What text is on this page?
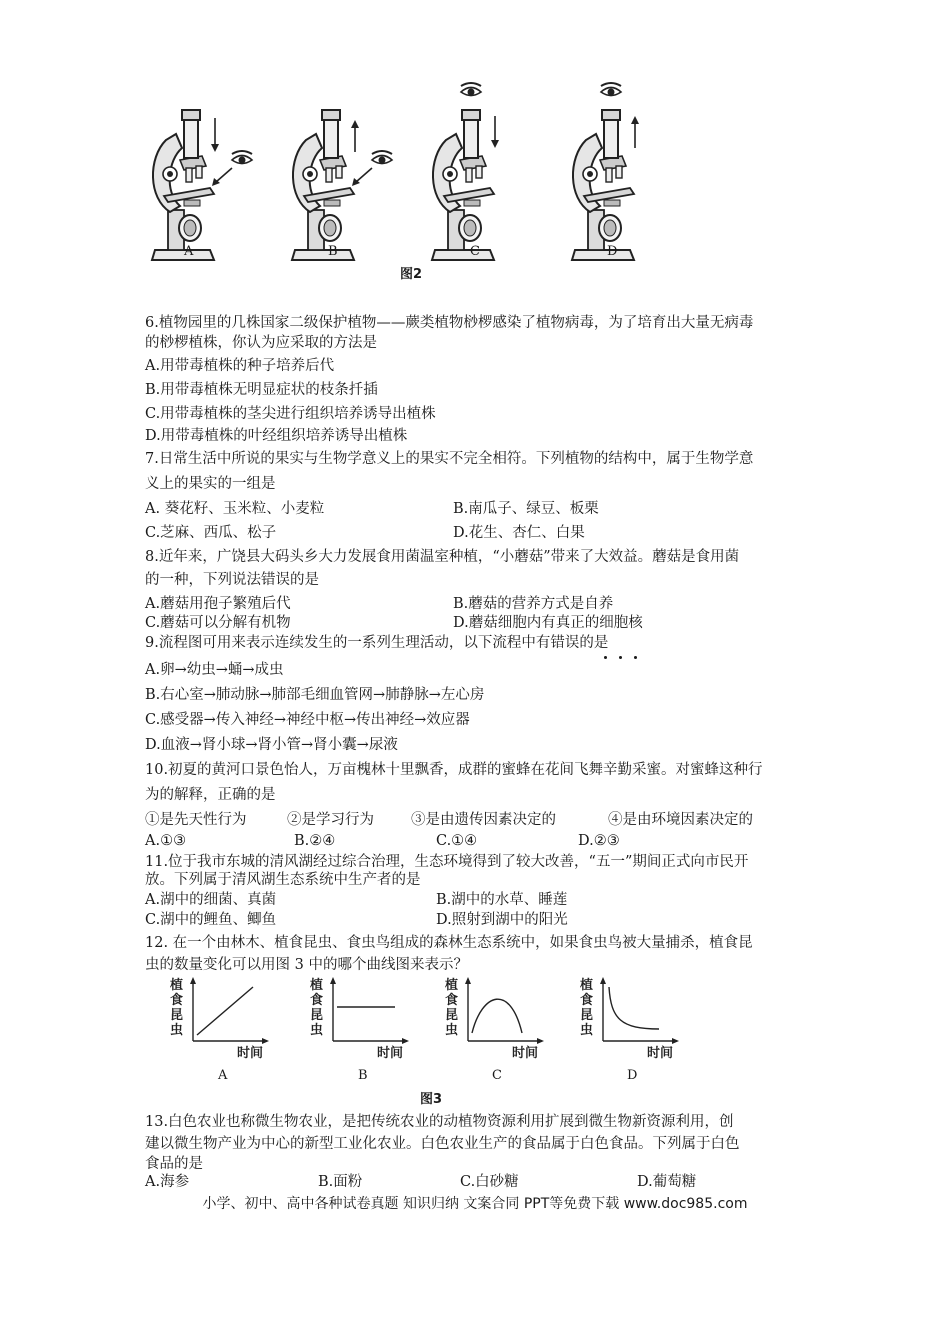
A	B	C	D
图2
6.植物园里的几株国家二级保护植物——蕨类植物桫椤感染了植物病毒，为了培育出大量无病毒
的桫椤植株，你认为应采取的方法是
A.用带毒植株的种子培养后代
B.用带毒植株无明显症状的枝条扦插
C.用带毒植株的茎尖进行组织培养诱导出植株
D.用带毒植株的叶经组织培养诱导出植株
7.日常生活中所说的果实与生物学意义上的果实不完全相符。下列植物的结构中，属于生物学意
义上的果实的一组是
A. 葵花籽、玉米粒、小麦粒	B.南瓜子、绿豆、板栗
C.芝麻、西瓜、松子	D.花生、杏仁、白果
8.近年来，广饶县大码头乡大力发展食用菌温室种植，“小蘑菇”带来了大效益。蘑菇是食用菌
的一种，下列说法错误的是
A.蘑菇用孢子繁殖后代	B.蘑菇的营养方式是自养
C.蘑菇可以分解有机物	D.蘑菇细胞内有真正的细胞核
9.流程图可用来表示连续发生的一系列生理活动，以下流程中有错误的是
A.卵→幼虫→蛹→成虫
B.右心室→肺动脉→肺部毛细血管网→肺静脉→左心房
C.感受器→传入神经→神经中枢→传出神经→效应器
D.血液→肾小球→肾小管→肾小囊→尿液
10.初夏的黄河口景色怡人，万亩槐林十里飘香，成群的蜜蜂在花间飞舞辛勤采蜜。对蜜蜂这种行
为的解释，正确的是
①是先天性行为	②是学习行为	③是由遗传因素决定的	④是由环境因素决定的
A.①③	B.②④	C.①④	D.②③
11.位于我市东城的清风湖经过综合治理，生态环境得到了较大改善，“五一”期间正式向市民开
放。下列属于清风湖生态系统中生产者的是
A.湖中的细菌、真菌	B.湖中的水草、睡莲
C.湖中的鲤鱼、鲫鱼	D.照射到湖中的阳光
12. 在一个由林木、植食昆虫、食虫鸟组成的森林生态系统中，如果食虫鸟被大量捕杀，植食昆
虫的数量变化可以用图 3 中的哪个曲线图来表示？
植
食
昆
虫
时间
植
食
昆
虫
时间
植
食
昆
虫
时间
植
食
昆
虫
时间
A	B	C	D
图3
13.白色农业也称微生物农业，是把传统农业的动植物资源利用扩展到微生物新资源利用，创
建以微生物产业为中心的新型工业化农业。白色农业生产的食品属于白色食品。下列属于白色
食品的是
A.海参	B.面粉	C.白砂糖	D.葡萄糖
小学、初中、高中各种试卷真题 知识归纳 文案合同 PPT等免费下载 www.doc985.com
